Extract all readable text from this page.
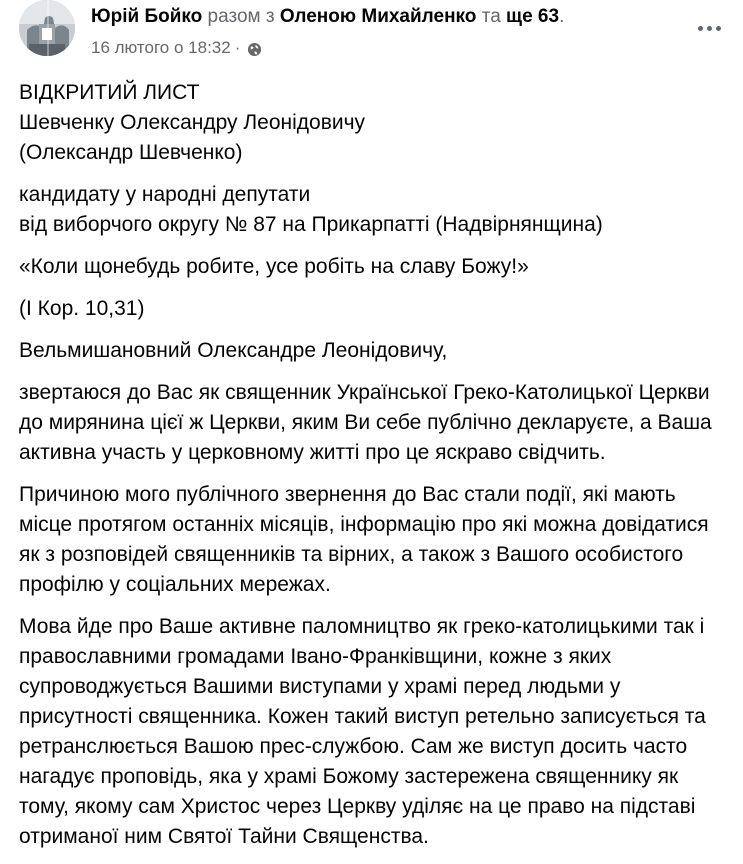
Юрій Бойко разом з Оленою Михайленко та ще 63.
16 лютого о 18:32 ·

ВІДКРИТИЙ ЛИСТ
Шевченку Олександру Леонідовичу
(Олександр Шевченко)

кандидату у народні депутати
від виборчого округу № 87 на Прикарпатті (Надвірнянщина)

«Коли щонебудь робите, усе робіть на славу Божу!»

(І Кор. 10,31)

Вельмишановний Олександре Леонідовичу,

звертаюся до Вас як священник Української Греко-Католицької Церкви до мирянина цієї ж Церкви, яким Ви себе публічно декларуєте, а Ваша активна участь у церковному житті про це яскраво свідчить.

Причиною мого публічного звернення до Вас стали події, які мають місце протягом останніх місяців, інформацію про які можна довідатися як з розповідей священників та вірних, а також з Вашого особистого профілю у соціальних мережах.

Мова йде про Ваше активне паломництво як греко-католицькими так і православними громадами Івано-Франківщини, кожне з яких супроводжується Вашими виступами у храмі перед людьми у присутності священника. Кожен такий виступ ретельно записується та ретранслюється Вашою прес-службою. Сам же виступ досить часто нагадує проповідь, яка у храмі Божому застережена священнику як тому, якому сам Христос через Церкву уділяє на це право на підставі отриманої ним Святої Тайни Священства.
